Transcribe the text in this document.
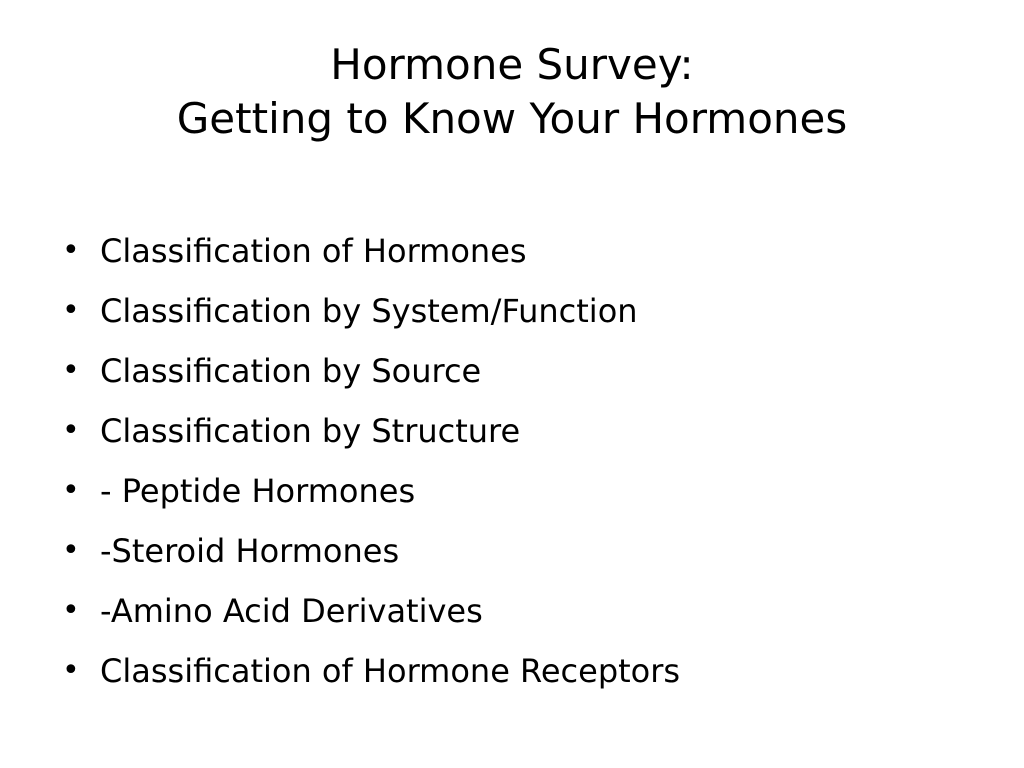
Hormone Survey:
Getting to Know Your Hormones
• Classification of Hormones
• Classification by System/Function
• Classification by Source
• Classification by Structure
• - Peptide Hormones
• -Steroid Hormones
• -Amino Acid Derivatives
• Classification of Hormone Receptors
